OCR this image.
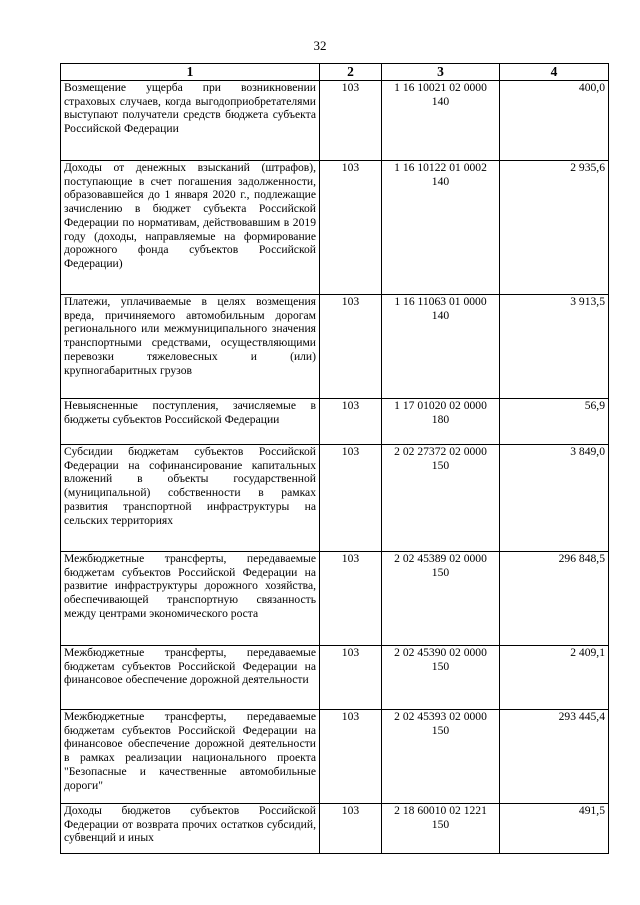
32
1	2	3	4
Возмещение ущерба при возникновении страховых случаев, когда выгодоприобретателями выступают получатели средств бюджета субъекта Российской Федерации	103	1 16 10021 02 0000 140	400,0
Доходы от денежных взысканий (штрафов), поступающие в счет погашения задолженности, образовавшейся до 1 января 2020 г., подлежащие зачислению в бюджет субъекта Российской Федерации по нормативам, действовавшим в 2019 году (доходы, направляемые на формирование дорожного фонда субъектов Российской Федерации)	103	1 16 10122 01 0002 140	2 935,6
Платежи, уплачиваемые в целях возмещения вреда, причиняемого автомобильным дорогам регионального или межмуниципального значения транспортными средствами, осуществляющими перевозки тяжеловесных и (или) крупногабаритных грузов	103	1 16 11063 01 0000 140	3 913,5
Невыясненные поступления, зачисляемые в бюджеты субъектов Российской Федерации	103	1 17 01020 02 0000 180	56,9
Субсидии бюджетам субъектов Российской Федерации на софинансирование капитальных вложений в объекты государственной (муниципальной) собственности в рамках развития транспортной инфраструктуры на сельских территориях	103	2 02 27372 02 0000 150	3 849,0
Межбюджетные трансферты, передаваемые бюджетам субъектов Российской Федерации на развитие инфраструктуры дорожного хозяйства, обеспечивающей транспортную связанность между центрами экономического роста	103	2 02 45389 02 0000 150	296 848,5
Межбюджетные трансферты, передаваемые бюджетам субъектов Российской Федерации на финансовое обеспечение дорожной деятельности	103	2 02 45390 02 0000 150	2 409,1
Межбюджетные трансферты, передаваемые бюджетам субъектов Российской Федерации на финансовое обеспечение дорожной деятельности в рамках реализации национального проекта "Безопасные и качественные автомобильные дороги"	103	2 02 45393 02 0000 150	293 445,4
Доходы бюджетов субъектов Российской Федерации от возврата прочих остатков субсидий, субвенций и иных	103	2 18 60010 02 1221 150	491,5
